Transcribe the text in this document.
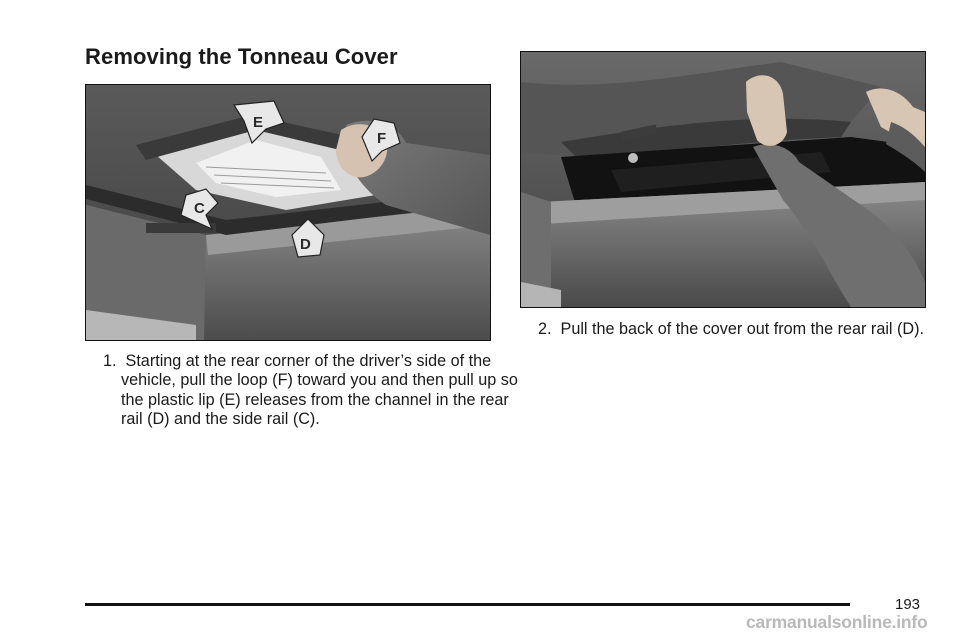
Removing the Tonneau Cover
E
F
C
D

1. Starting at the rear corner of the driver’s side of the vehicle, pull the loop (F) toward you and then pull up so the plastic lip (E) releases from the channel in the rear rail (D) and the side rail (C).

2. Pull the back of the cover out from the rear rail (D).

193
carmanualsonline.info
